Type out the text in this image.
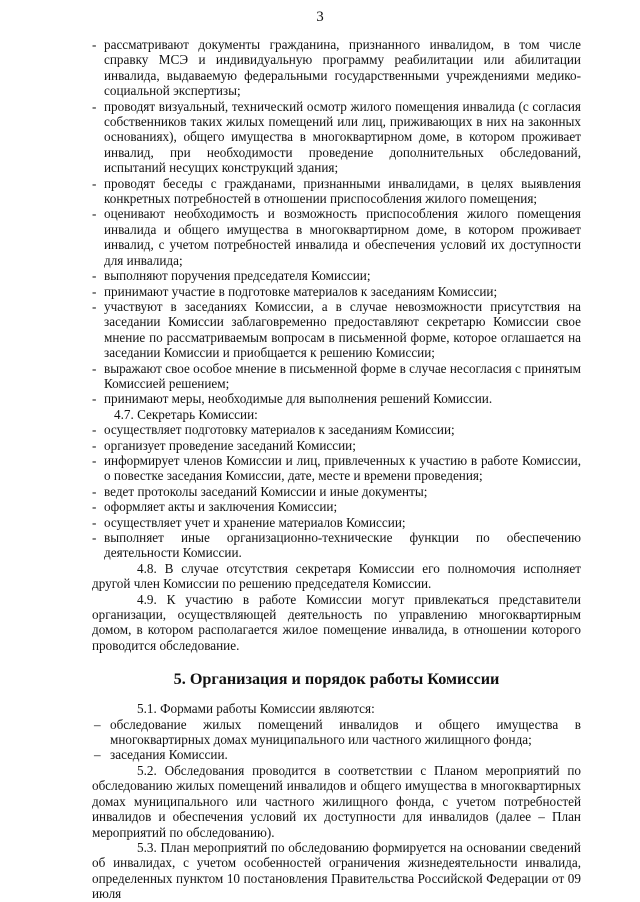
3
- рассматривают документы гражданина, признанного инвалидом, в том числе справку МСЭ и индивидуальную программу реабилитации или абилитации инвалида, выдаваемую федеральными государственными учреждениями медико-социальной экспертизы;
- проводят визуальный, технический осмотр жилого помещения инвалида (с согласия собственников таких жилых помещений или лиц, приживающих в них на законных основаниях), общего имущества в многоквартирном доме, в котором проживает инвалид, при необходимости проведение дополнительных обследований, испытаний несущих конструкций здания;
- проводят беседы с гражданами, признанными инвалидами, в целях выявления конкретных потребностей в отношении приспособления жилого помещения;
- оценивают необходимость и возможность приспособления жилого помещения инвалида и общего имущества в многоквартирном доме, в котором проживает инвалид, с учетом потребностей инвалида и обеспечения условий их доступности для инвалида;
- выполняют поручения председателя Комиссии;
- принимают участие в подготовке материалов к заседаниям Комиссии;
- участвуют в заседаниях Комиссии, а в случае невозможности присутствия на заседании Комиссии заблаговременно предоставляют секретарю Комиссии свое мнение по рассматриваемым вопросам в письменной форме, которое оглашается на заседании Комиссии и приобщается к решению Комиссии;
- выражают свое особое мнение в письменной форме в случае несогласия с принятым Комиссией решением;
- принимают меры, необходимые для выполнения решений Комиссии.
4.7. Секретарь Комиссии:
- осуществляет подготовку материалов к заседаниям Комиссии;
- организует проведение заседаний Комиссии;
- информирует членов Комиссии и лиц, привлеченных к участию в работе Комиссии, о повестке заседания Комиссии, дате, месте и времени проведения;
- ведет протоколы заседаний Комиссии и иные документы;
- оформляет акты и заключения Комиссии;
- осуществляет учет и хранение материалов Комиссии;
- выполняет иные организационно-технические функции по обеспечению деятельности Комиссии.
4.8. В случае отсутствия секретаря Комиссии его полномочия исполняет другой член Комиссии по решению председателя Комиссии.
4.9. К участию в работе Комиссии могут привлекаться представители организации, осуществляющей деятельность по управлению многоквартирным домом, в котором располагается жилое помещение инвалида, в отношении которого проводится обследование.
5. Организация и порядок работы Комиссии
5.1. Формами работы Комиссии являются:
– обследование жилых помещений инвалидов и общего имущества в многоквартирных домах муниципального или частного жилищного фонда;
– заседания Комиссии.
5.2. Обследования проводится в соответствии с Планом мероприятий по обследованию жилых помещений инвалидов и общего имущества в многоквартирных домах муниципального или частного жилищного фонда, с учетом потребностей инвалидов и обеспечения условий их доступности для инвалидов (далее – План мероприятий по обследованию).
5.3. План мероприятий по обследованию формируется на основании сведений об инвалидах, с учетом особенностей ограничения жизнедеятельности инвалида, определенных пунктом 10 постановления Правительства Российской Федерации от 09 июля
